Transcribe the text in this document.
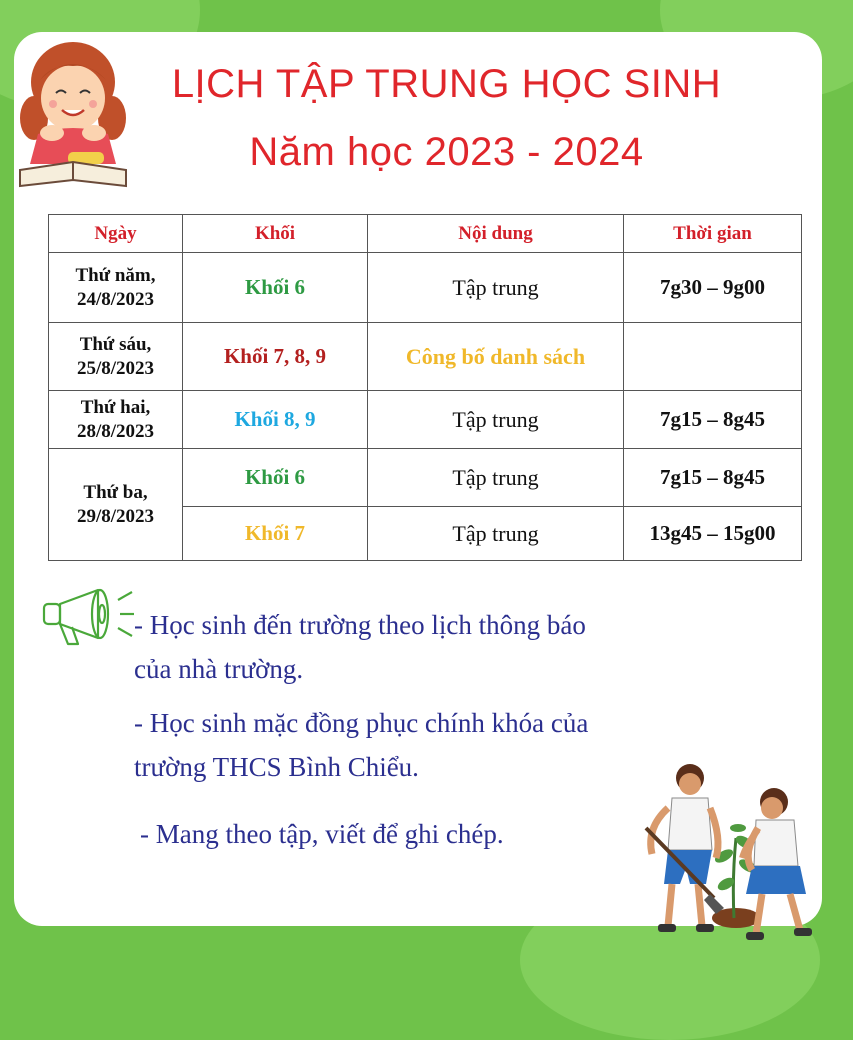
LỊCH TẬP TRUNG HỌC SINH
Năm học 2023 - 2024
Ngày	Khối	Nội dung	Thời gian

Thứ năm,
24/8/2023	Khối 6	Tập trung	7g30 – 9g00

Thứ sáu,
25/8/2023	Khối 7, 8, 9	Công bố danh sách	

Thứ hai,
28/8/2023	Khối 8, 9	Tập trung	7g15 – 8g45

Thứ ba,
29/8/2023	Khối 6	Tập trung	7g15 – 8g45
	Khối 7	Tập trung	13g45 – 15g00
- Học sinh đến trường theo lịch thông báo
của nhà trường.
- Học sinh mặc đồng phục chính khóa của
trường THCS Bình Chiểu.
- Mang theo tập, viết để ghi chép.
